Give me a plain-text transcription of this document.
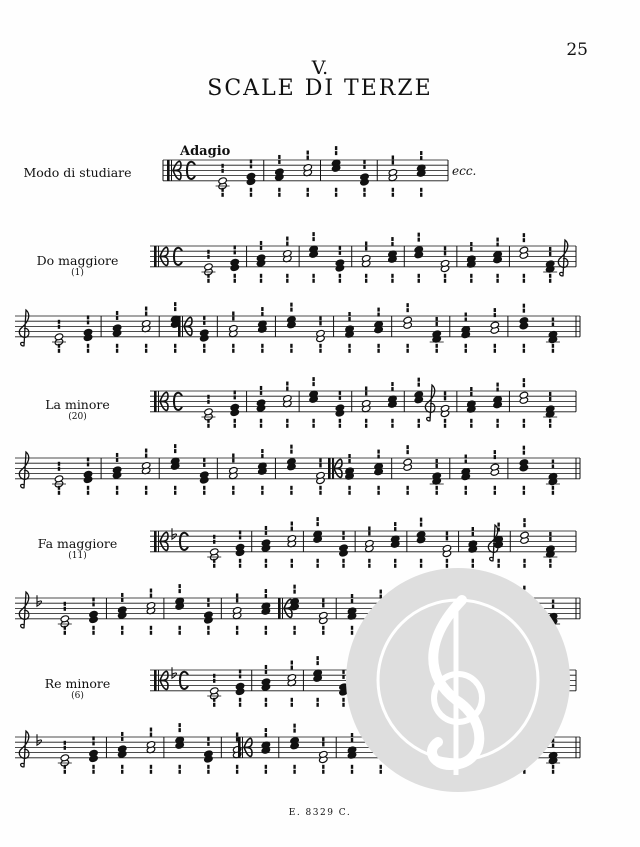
25
V.
SCALE DI TERZE
Adagio
ecc.
Modo di studiare
Do maggiore
(1)
La minore
(20)
Fa maggiore
(11)
Re minore
(6)
E. 8329 C.
